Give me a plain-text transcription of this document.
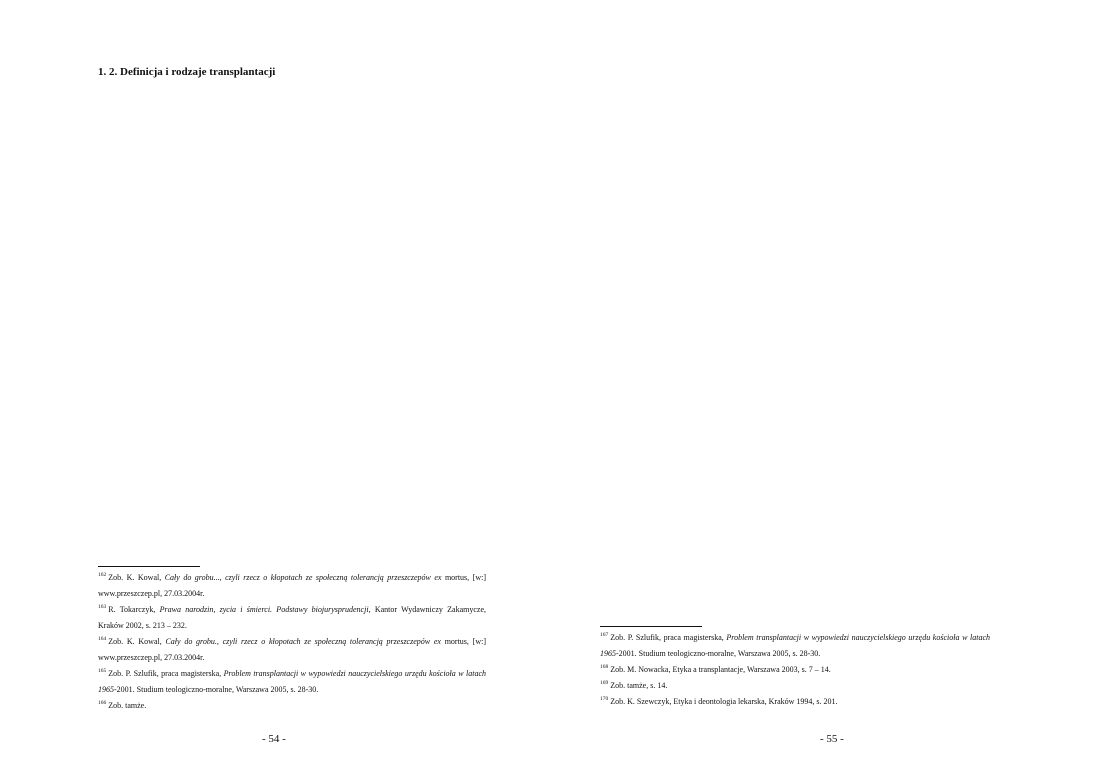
1. 2. Definicja i rodzaje transplantacji
$^{162}$ Zob. K. Kowal, Cały do grobu..., czyli rzecz o kłopotach ze społeczną tolerancją przeszczepów ex mortus, [w:] www.przeszczep.pl, 27.03.2004r.
$^{163}$ R. Tokarczyk, Prawa narodzin, zycia i śmierci. Podstawy biojurysprudencji, Kantor Wydawniczy Zakamycze, Kraków 2002, s. 213 – 232.
$^{164}$ Zob. K. Kowal, Cały do grobu., czyli rzecz o kłopotach ze społeczną tolerancją przeszczepów ex mortus, [w:] www.przeszczep.pl, 27.03.2004r.
$^{165}$ Zob. P. Szlufik, praca magisterska, Problem transplantacji w wypowiedzi nauczycielskiego urzędu kościoła w latach 1965-2001. Studium teologiczno-moralne, Warszawa 2005, s. 28-30.
$^{166}$ Zob. tamże.
- 54 -
$^{167}$ Zob. P. Szlufik, praca magisterska, Problem transplantacji w wypowiedzi nauczycielskiego urzędu kościoła w latach 1965-2001. Studium teologiczno-moralne, Warszawa 2005, s. 28-30.
$^{168}$ Zob. M. Nowacka, Etyka a transplantacje, Warszawa 2003, s. 7 – 14.
$^{169}$ Zob. tamże, s. 14.
$^{170}$ Zob. K. Szewczyk, Etyka i deontologia lekarska, Kraków 1994, s. 201.
- 55 -
